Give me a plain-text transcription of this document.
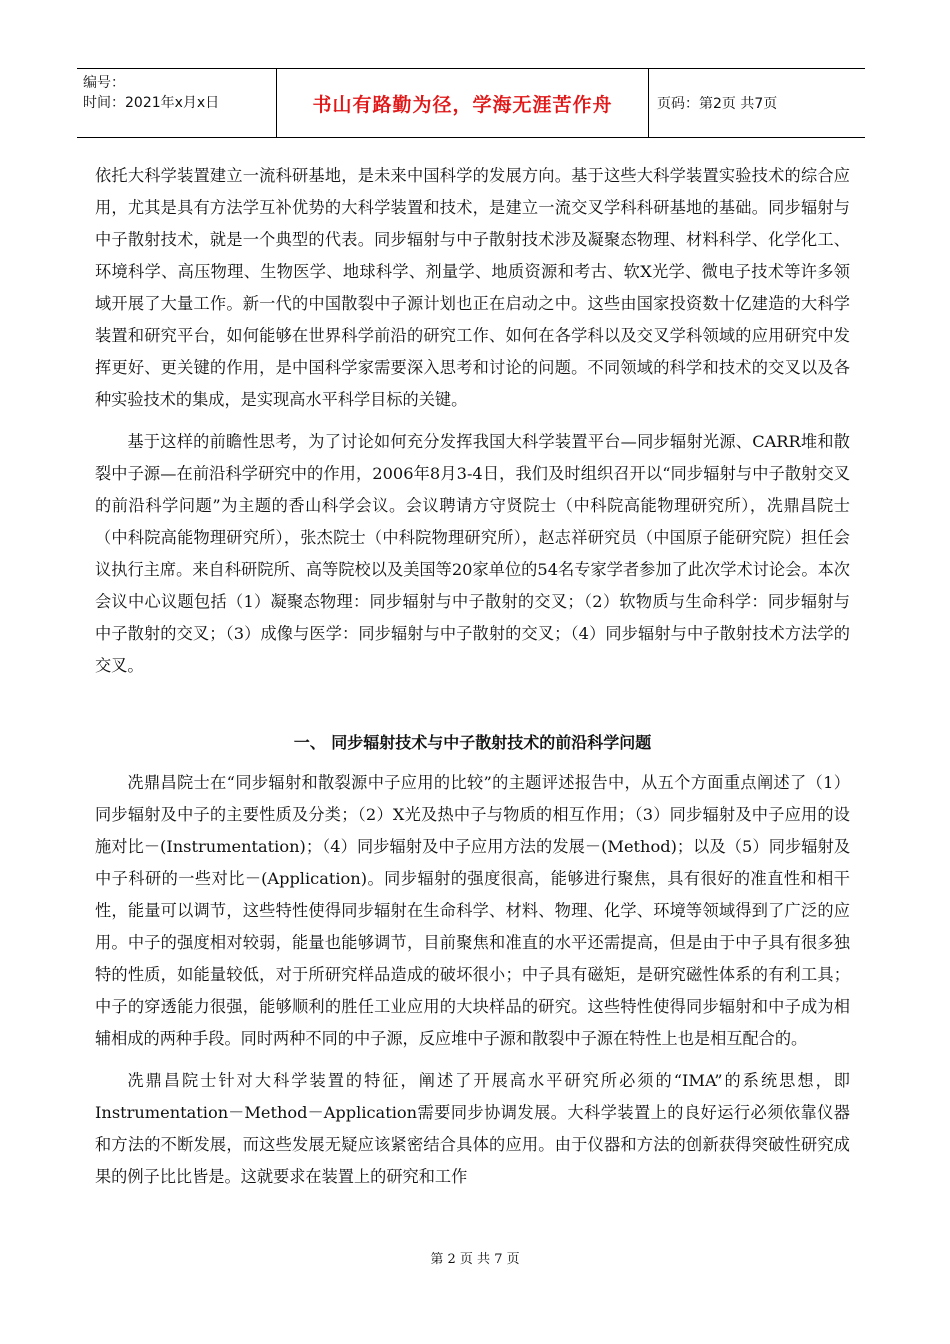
编号：
时间：2021年x月x日	书山有路勤为径，学海无涯苦作舟	页码：第2页 共7页

依托大科学装置建立一流科研基地，是未来中国科学的发展方向。基于这些大科学装置实验技术的综合应用，尤其是具有方法学互补优势的大科学装置和技术，是建立一流交叉学科科研基地的基础。同步辐射与中子散射技术，就是一个典型的代表。同步辐射与中子散射技术涉及凝聚态物理、材料科学、化学化工、环境科学、高压物理、生物医学、地球科学、剂量学、地质资源和考古、软X光学、微电子技术等许多领域开展了大量工作。新一代的中国散裂中子源计划也正在启动之中。这些由国家投资数十亿建造的大科学装置和研究平台，如何能够在世界科学前沿的研究工作、如何在各学科以及交叉学科领域的应用研究中发挥更好、更关键的作用，是中国科学家需要深入思考和讨论的问题。不同领域的科学和技术的交叉以及各种实验技术的集成，是实现高水平科学目标的关键。

基于这样的前瞻性思考，为了讨论如何充分发挥我国大科学装置平台—同步辐射光源、CARR堆和散裂中子源—在前沿科学研究中的作用，2006年8月3-4日，我们及时组织召开以“同步辐射与中子散射交叉的前沿科学问题”为主题的香山科学会议。会议聘请方守贤院士（中科院高能物理研究所），冼鼎昌院士（中科院高能物理研究所），张杰院士（中科院物理研究所），赵志祥研究员（中国原子能研究院）担任会议执行主席。来自科研院所、高等院校以及美国等20家单位的54名专家学者参加了此次学术讨论会。本次会议中心议题包括（1）凝聚态物理：同步辐射与中子散射的交叉；（2）软物质与生命科学：同步辐射与中子散射的交叉；（3）成像与医学：同步辐射与中子散射的交叉；（4）同步辐射与中子散射技术方法学的交叉。

一、 同步辐射技术与中子散射技术的前沿科学问题

冼鼎昌院士在“同步辐射和散裂源中子应用的比较”的主题评述报告中，从五个方面重点阐述了（1）同步辐射及中子的主要性质及分类；（2）X光及热中子与物质的相互作用；（3）同步辐射及中子应用的设施对比－(Instrumentation)；（4）同步辐射及中子应用方法的发展－(Method)；以及（5）同步辐射及中子科研的一些对比－(Application)。同步辐射的强度很高，能够进行聚焦，具有很好的准直性和相干性，能量可以调节，这些特性使得同步辐射在生命科学、材料、物理、化学、环境等领域得到了广泛的应用。中子的强度相对较弱，能量也能够调节，目前聚焦和准直的水平还需提高，但是由于中子具有很多独特的性质，如能量较低，对于所研究样品造成的破坏很小；中子具有磁矩，是研究磁性体系的有利工具；中子的穿透能力很强，能够顺利的胜任工业应用的大块样品的研究。这些特性使得同步辐射和中子成为相辅相成的两种手段。同时两种不同的中子源，反应堆中子源和散裂中子源在特性上也是相互配合的。

冼鼎昌院士针对大科学装置的特征，阐述了开展高水平研究所必须的“IMA”的系统思想，即Instrumentation－Method－Application需要同步协调发展。大科学装置上的良好运行必须依靠仪器和方法的不断发展，而这些发展无疑应该紧密结合具体的应用。由于仪器和方法的创新获得突破性研究成果的例子比比皆是。这就要求在装置上的研究和工作

第 2 页 共 7 页
